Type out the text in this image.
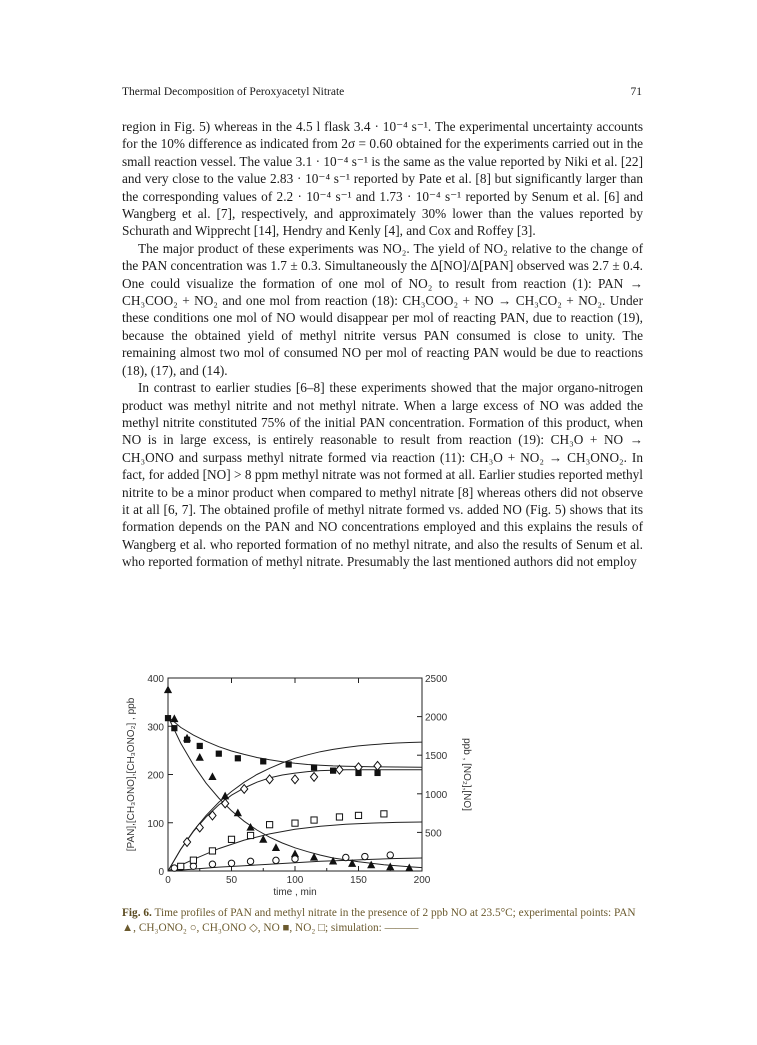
Thermal Decomposition of Peroxyacetyl Nitrate	71

region in Fig. 5) whereas in the 4.5 l flask 3.4 · 10⁻⁴ s⁻¹. The experimental uncertainty accounts for the 10% difference as indicated from 2σ = 0.60 obtained for the experiments carried out in the small reaction vessel. The value 3.1 · 10⁻⁴ s⁻¹ is the same as the value reported by Niki et al. [22] and very close to the value 2.83 · 10⁻⁴ s⁻¹ reported by Pate et al. [8] but significantly larger than the corresponding values of 2.2 · 10⁻⁴ s⁻¹ and 1.73 · 10⁻⁴ s⁻¹ reported by Senum et al. [6] and Wangberg et al. [7], respectively, and approximately 30% lower than the values reported by Schurath and Wipprecht [14], Hendry and Kenly [4], and Cox and Roffey [3].

The major product of these experiments was NO₂. The yield of NO₂ relative to the change of the PAN concentration was 1.7 ± 0.3. Simultaneously the Δ[NO]/Δ[PAN] observed was 2.7 ± 0.4. One could visualize the formation of one mol of NO₂ to result from reaction (1): PAN → CH₃COO₂ + NO₂ and one mol from reaction (18): CH₃COO₂ + NO → CH₃CO₂ + NO₂. Under these conditions one mol of NO would disappear per mol of reacting PAN, due to reaction (19), because the obtained yield of methyl nitrite versus PAN consumed is close to unity. The remaining almost two mol of consumed NO per mol of reacting PAN would be due to reactions (18), (17), and (14).

In contrast to earlier studies [6–8] these experiments showed that the major organo-nitrogen product was methyl nitrite and not methyl nitrate. When a large excess of NO was added the methyl nitrite constituted 75% of the initial PAN concentration. Formation of this product, when NO is in large excess, is entirely reasonable to result from reaction (19): CH₃O + NO → CH₃ONO and surpass methyl nitrate formed via reaction (11): CH₃O + NO₂ → CH₃ONO₂. In fact, for added [NO] > 8 ppm methyl nitrate was not formed at all. Earlier studies reported methyl nitrite to be a minor product when compared to methyl nitrate [8] whereas others did not observe it at all [6, 7]. The obtained profile of methyl nitrate formed vs. added NO (Fig. 5) shows that its formation depends on the PAN and NO concentrations employed and this explains the resuls of Wangberg et al. who reported formation of no methyl nitrate, and also the results of Senum et al. who reported formation of methyl nitrate. Presumably the last mentioned authors did not employ

0	50	100	150	200
time , min
0
100
200
300
400
[PAN],[CH₃ONO],[CH₃ONO₂] , ppb	500
1000
1500
2000
2500
ppb , [NO₂],[NO]
Fig. 6. Time profiles of PAN and methyl nitrate in the presence of 2 ppb NO at 23.5°C; experimental points: PAN ▲, CH₃ONO₂ ○, CH₃ONO ◇, NO ■, NO₂ □; simulation: ———
